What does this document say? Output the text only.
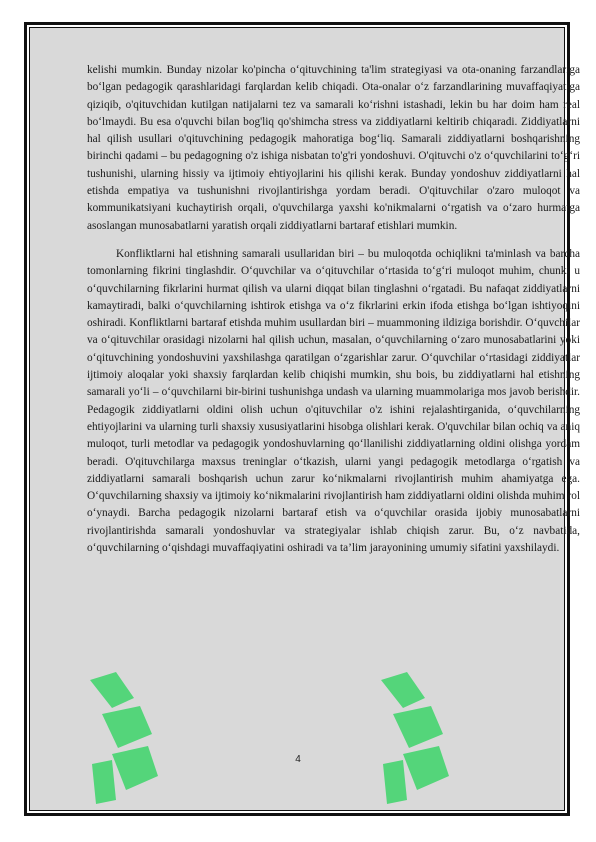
kelishi mumkin. Bunday nizolar ko'pincha o‘qituvchining ta'lim strategiyasi va ota-onaning farzandlariga bo‘lgan pedagogik qarashlaridagi farqlardan kelib chiqadi. Ota-onalar o‘z farzandlarining muvaffaqiyatiga qiziqib, o'qituvchidan kutilgan natijalarni tez va samarali ko‘rishni istashadi, lekin bu har doim ham real bo‘lmaydi. Bu esa o'quvchi bilan bog'liq qo'shimcha stress va ziddiyatlarni keltirib chiqaradi. Ziddiyatlarni hal qilish usullari o'qituvchining pedagogik mahoratiga bog‘liq. Samarali ziddiyatlarni boshqarishning birinchi qadami – bu pedagogning o'z ishiga nisbatan to'g'ri yondoshuvi. O'qituvchi o'z o‘quvchilarini to‘g‘ri tushunishi, ularning hissiy va ijtimoiy ehtiyojlarini his qilishi kerak. Bunday yondoshuv ziddiyatlarni hal etishda empatiya va tushunishni rivojlantirishga yordam beradi. O'qituvchilar o'zaro muloqot va kommunikatsiyani kuchaytirish orqali, o'quvchilarga yaxshi ko'nikmalarni o‘rgatish va o‘zaro hurmatga asoslangan munosabatlarni yaratish orqali ziddiyatlarni bartaraf etishlari mumkin.

Konfliktlarni hal etishning samarali usullaridan biri – bu muloqotda ochiqlikni ta'minlash va barcha tomonlarning fikrini tinglashdir. O‘quvchilar va o‘qituvchilar o‘rtasida to‘g‘ri muloqot muhim, chunki u o‘quvchilarning fikrlarini hurmat qilish va ularni diqqat bilan tinglashni o‘rgatadi. Bu nafaqat ziddiyatlarni kamaytiradi, balki o‘quvchilarning ishtirok etishga va o‘z fikrlarini erkin ifoda etishga bo‘lgan ishtiyoqini oshiradi. Konfliktlarni bartaraf etishda muhim usullardan biri – muammoning ildiziga borishdir. O‘quvchilar va o‘qituvchilar orasidagi nizolarni hal qilish uchun, masalan, o‘quvchilarning o‘zaro munosabatlarini yoki o‘qituvchining yondoshuvini yaxshilashga qaratilgan o‘zgarishlar zarur. O‘quvchilar o‘rtasidagi ziddiyatlar ijtimoiy aloqalar yoki shaxsiy farqlardan kelib chiqishi mumkin, shu bois, bu ziddiyatlarni hal etishning samarali yo‘li – o‘quvchilarni bir-birini tushunishga undash va ularning muammolariga mos javob berishdir. Pedagogik ziddiyatlarni oldini olish uchun o'qituvchilar o'z ishini rejalashtirganida, o‘quvchilarning ehtiyojlarini va ularning turli shaxsiy xususiyatlarini hisobga olishlari kerak. O'quvchilar bilan ochiq va aniq muloqot, turli metodlar va pedagogik yondoshuvlarning qo‘llanilishi ziddiyatlarning oldini olishga yordam beradi. O'qituvchilarga maxsus treninglar o‘tkazish, ularni yangi pedagogik metodlarga o‘rgatish va ziddiyatlarni samarali boshqarish uchun zarur ko‘nikmalarni rivojlantirish muhim ahamiyatga ega. O‘quvchilarning shaxsiy va ijtimoiy ko‘nikmalarini rivojlantirish ham ziddiyatlarni oldini olishda muhim rol o‘ynaydi. Barcha pedagogik nizolarni bartaraf etish va o‘quvchilar orasida ijobiy munosabatlarni rivojlantirishda samarali yondoshuvlar va strategiyalar ishlab chiqish zarur. Bu, o‘z navbatida, o‘quvchilarning o‘qishdagi muvaffaqiyatini oshiradi va ta’lim jarayonining umumiy sifatini yaxshilaydi.

4
